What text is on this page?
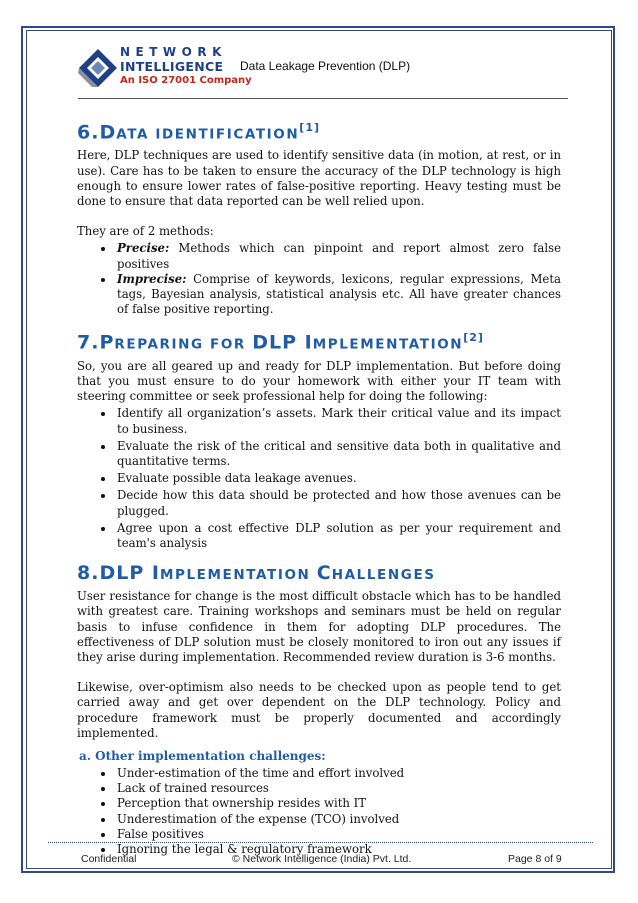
NETWORK
INTELLIGENCE
An ISO 27001 Company
Data Leakage Prevention (DLP)
6.DATA IDENTIFICATION[1]

Here, DLP techniques are used to identify sensitive data (in motion, at rest, or in use). Care has to be taken to ensure the accuracy of the DLP technology is high enough to ensure lower rates of false-positive reporting. Heavy testing must be done to ensure that data reported can be well relied upon.

They are of 2 methods:

• Precise: Methods which can pinpoint and report almost zero false positives
• Imprecise: Comprise of keywords, lexicons, regular expressions, Meta tags, Bayesian analysis, statistical analysis etc. All have greater chances of false positive reporting.
7.PREPARING FOR DLP IMPLEMENTATION[2]

So, you are all geared up and ready for DLP implementation. But before doing that you must ensure to do your homework with either your IT team with steering committee or seek professional help for doing the following:

• Identify all organization’s assets. Mark their critical value and its impact to business.
• Evaluate the risk of the critical and sensitive data both in qualitative and quantitative terms.
• Evaluate possible data leakage avenues.
• Decide how this data should be protected and how those avenues can be plugged.
• Agree upon a cost effective DLP solution as per your requirement and team's analysis
8.DLP IMPLEMENTATION CHALLENGES

User resistance for change is the most difficult obstacle which has to be handled with greatest care. Training workshops and seminars must be held on regular basis to infuse confidence in them for adopting DLP procedures. The effectiveness of DLP solution must be closely monitored to iron out any issues if they arise during implementation. Recommended review duration is 3-6 months.

Likewise, over-optimism also needs to be checked upon as people tend to get carried away and get over dependent on the DLP technology. Policy and procedure framework must be properly documented and accordingly implemented.

a. Other implementation challenges:
• Under-estimation of the time and effort involved
• Lack of trained resources
• Perception that ownership resides with IT
• Underestimation of the expense (TCO) involved
• False positives
• Ignoring the legal & regulatory framework
Confidential	© Network Intelligence (India) Pvt. Ltd.	Page 8 of 9
